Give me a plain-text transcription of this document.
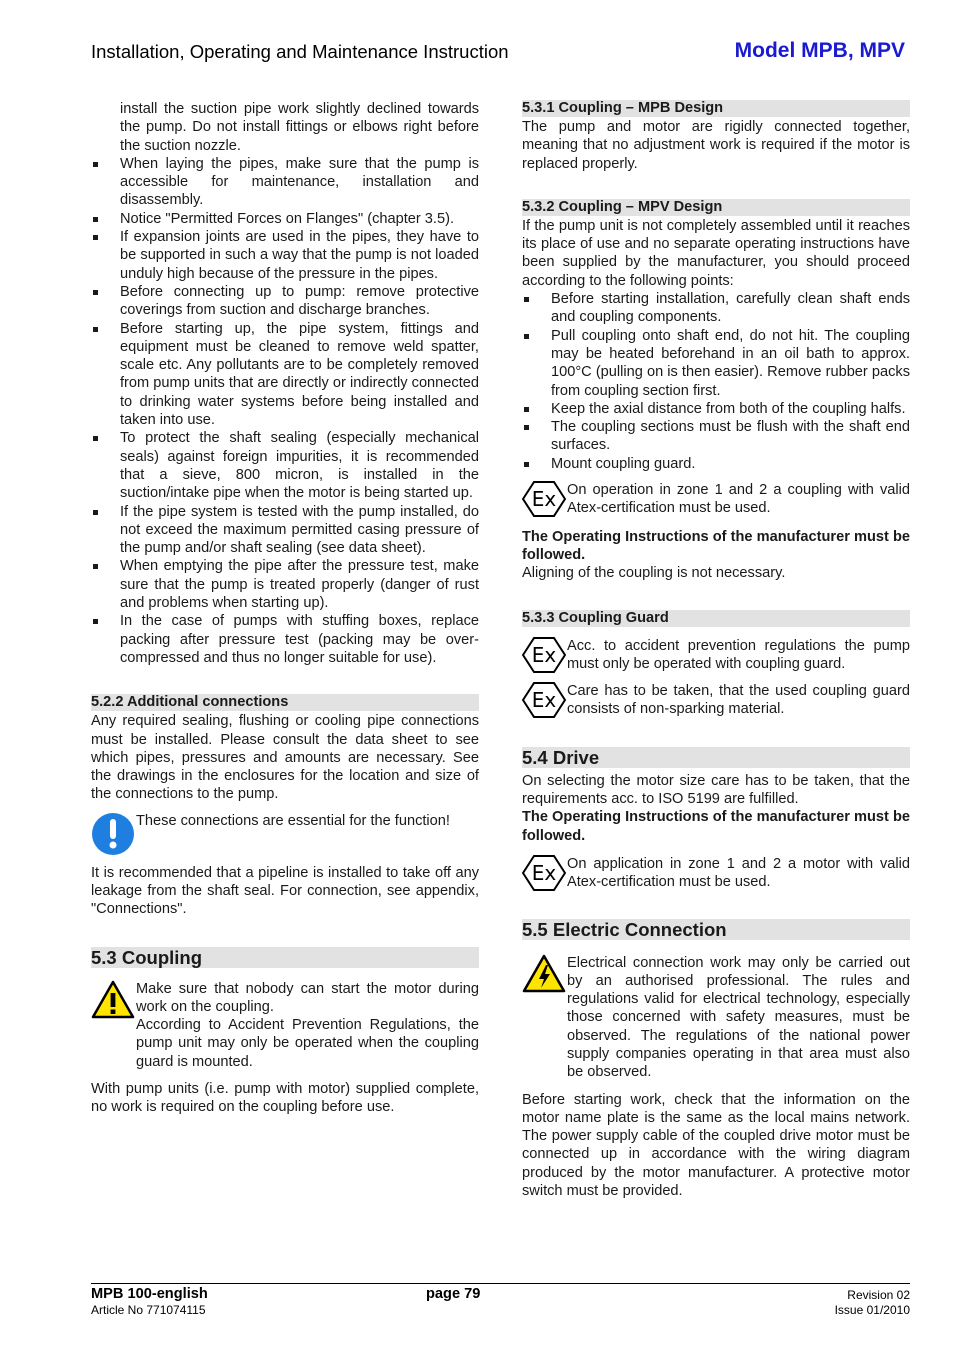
Installation, Operating and Maintenance Instruction	Model MPB, MPV

install the suction pipe work slightly declined towards the pump. Do not install fittings or elbows right before the suction nozzle.

When laying the pipes, make sure that the pump is accessible for maintenance, installation and disassembly.
Notice "Permitted Forces on Flanges" (chapter 3.5).
If expansion joints are used in the pipes, they have to be supported in such a way that the pump is not loaded unduly high because of the pressure in the pipes.
Before connecting up to pump: remove protective coverings from suction and discharge branches.
Before starting up, the pipe system, fittings and equipment must be cleaned to remove weld spatter, scale etc. Any pollutants are to be completely removed from pump units that are directly or indirectly connected to drinking water systems before being installed and taken into use.
To protect the shaft sealing (especially mechanical seals) against foreign impurities, it is recommended that a sieve, 800 micron, is installed in the suction/intake pipe when the motor is being started up.
If the pipe system is tested with the pump installed, do not exceed the maximum permitted casing pressure of the pump and/or shaft sealing (see data sheet).
When emptying the pipe after the pressure test, make sure that the pump is treated properly (danger of rust and problems when starting up).
In the case of pumps with stuffing boxes, replace packing after pressure test (packing may be over-compressed and thus no longer suitable for use).
5.2.2 Additional connections

Any required sealing, flushing or cooling pipe connections must be installed. Please consult the data sheet to see which pipes, pressures and amounts are necessary. See the drawings in the enclosures for the location and size of the connections to the pump.

These connections are essential for the function!

It is recommended that a pipeline is installed to take off any leakage from the shaft seal. For connection, see appendix, "Connections".

5.3 Coupling

Make sure that nobody can start the motor during work on the coupling.

According to Accident Prevention Regulations, the pump unit may only be operated when the coupling guard is mounted.

With pump units (i.e. pump with motor) supplied complete, no work is required on the coupling before use.

5.3.1 Coupling – MPB Design

The pump and motor are rigidly connected together, meaning that no adjustment work is required if the motor is replaced properly.

5.3.2 Coupling – MPV Design

If the pump unit is not completely assembled until it reaches its place of use and no separate operating instructions have been supplied by the manufacturer, you should proceed according to the following points:

Before starting installation, carefully clean shaft ends and coupling components.
Pull coupling onto shaft end, do not hit. The coupling may be heated beforehand in an oil bath to approx. 100°C (pulling on is then easier). Remove rubber packs from coupling section first.
Keep the axial distance from both of the coupling halfs.
The coupling sections must be flush with the shaft end surfaces.
Mount coupling guard.
Ex On operation in zone 1 and 2 a coupling with valid Atex-certification must be used.

The Operating Instructions of the manufacturer must be followed.

Aligning of the coupling is not necessary.

5.3.3 Coupling Guard
Ex Acc. to accident prevention regulations the pump must only be operated with coupling guard.

Ex Care has to be taken, that the used coupling guard consists of non-sparking material.

5.4 Drive

On selecting the motor size care has to be taken, that the requirements acc. to ISO 5199 are fulfilled.

The Operating Instructions of the manufacturer must be followed.

Ex On application in zone 1 and 2 a motor with valid Atex-certification must be used.

5.5 Electric Connection

Electrical connection work may only be carried out by an authorised professional. The rules and regulations valid for electrical technology, especially those concerned with safety measures, must be observed. The regulations of the national power supply companies operating in that area must also be observed.

Before starting work, check that the information on the motor name plate is the same as the local mains network. The power supply cable of the coupled drive motor must be connected up in accordance with the wiring diagram produced by the motor manufacturer. A protective motor switch must be provided.

MPB 100-english
Article No 771074115
page 79	Revision 02
Issue 01/2010
